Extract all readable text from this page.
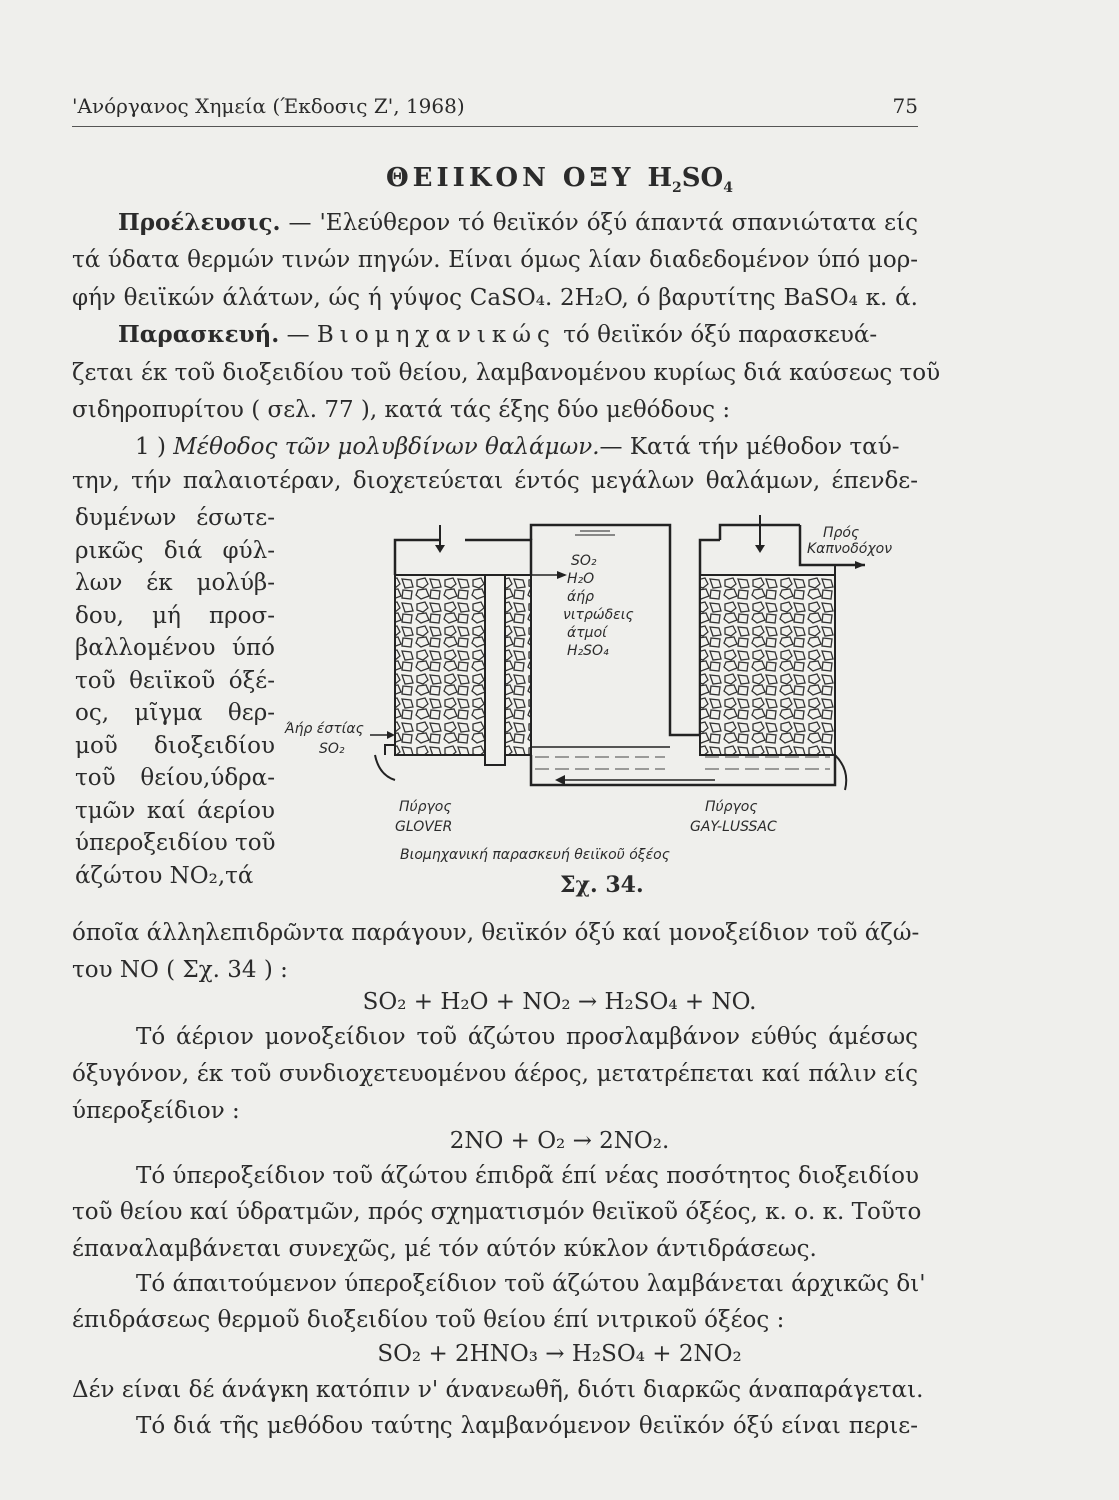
'Ανόργανος Χημεία (Έκδοσις Ζ', 1968)	75
ΘΕΙΙΚΟΝ ΟΞΥ $H_2SO_4$
Προέλευσις. — 'Ελεύθερον τό θειϊκόν όξύ άπαντά σπανιώτατα είς
τά ύδατα θερμών τινών πηγών. Είναι όμως λίαν διαδεδομένον ύπό μορ-
φήν θειϊκών άλάτων, ώς ή γύψος CaSO₄. 2H₂O, ό βαρυτίτης BaSO₄ κ. ά.
Παρασκευή. — Βιομηχανικώς τό θειϊκόν όξύ παρασκευά-
ζεται έκ τοῦ διοξειδίου τοῦ θείου, λαμβανομένου κυρίως διά καύσεως τοῦ
σιδηροπυρίτου ( σελ. 77 ), κατά τάς έξης δύο μεθόδους :
1 ) Μέθοδος τῶν μολυβδίνων θαλάμων.— Κατά τήν μέθοδον ταύ-
την, τήν παλαιοτέραν, διοχετεύεται έντός μεγάλων θαλάμων, έπενδε-
δυμένων έσωτε-
ρικῶς διά φύλ-
λων έκ μολύβ-
δου, μή προσ-
βαλλομένου ύπό
τοῦ θειϊκοῦ όξέ-
ος, μῖγμα θερ-
μοῦ διοξειδίου
τοῦ θείου,ύδρα-
τμῶν καί άερίου
ύπεροξειδίου τοῦ
άζώτου NO₂,τά
Πρός
Καπνοδόχον
SO₂
H₂O
άήρ
νιτρώδεις
άτμοί
H₂SO₄
Άήρ έστίας
SO₂
Πύργος
GLOVER
Πύργος
GAY-LUSSAC
Βιομηχανική παρασκευή θειϊκοῦ όξέος
Σχ. 34.
όποῖα άλληλεπιδρῶντα παράγουν, θειϊκόν όξύ καί μονοξείδιον τοῦ άζώ-
του NO ( Σχ. 34 ) :
SO₂ + H₂O + NO₂ → H₂SO₄ + NO.
Τό άέριον μονοξείδιον τοῦ άζώτου προσλαμβάνον εύθύς άμέσως
όξυγόνον, έκ τοῦ συνδιοχετευομένου άέρος, μετατρέπεται καί πάλιν είς
ύπεροξείδιον :
2NO + O₂ → 2NO₂.
Τό ύπεροξείδιον τοῦ άζώτου έπιδρᾶ έπί νέας ποσότητος διοξειδίου
τοῦ θείου καί ύδρατμῶν, πρός σχηματισμόν θειϊκοῦ όξέος, κ. ο. κ. Τοῦτο
έπαναλαμβάνεται συνεχῶς, μέ τόν αύτόν κύκλον άντιδράσεως.
Τό άπαιτούμενον ύπεροξείδιον τοῦ άζώτου λαμβάνεται άρχικῶς δι'
έπιδράσεως θερμοῦ διοξειδίου τοῦ θείου έπί νιτρικοῦ όξέος :
SO₂ + 2HNO₃ → H₂SO₄ + 2NO₂
Δέν είναι δέ άνάγκη κατόπιν ν' άνανεωθῆ, διότι διαρκῶς άναπαράγεται.
Τό διά τῆς μεθόδου ταύτης λαμβανόμενον θειϊκόν όξύ είναι περιε-
